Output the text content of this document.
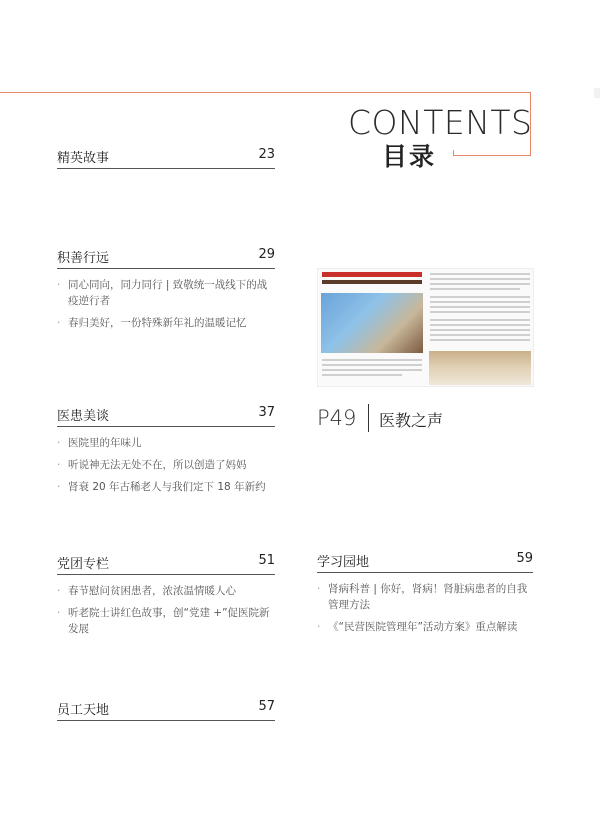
CONTENTS
目录
精英故事	23
积善行远	29
· 同心同向，同力同行 | 致敬统一战线下的战疫逆行者
· 春归美好，一份特殊新年礼的温暖记忆
医患美谈	37
· 医院里的年味儿
· 听说神无法无处不在，所以创造了妈妈
· 肾衰 20 年古稀老人与我们定下 18 年新约
党团专栏	51
· 春节慰问贫困患者，浓浓温情暖人心
· 听老院士讲红色故事，创“党建 +”促医院新发展
员工天地	57
P49 医教之声
学习园地	59
· 肾病科普 | 你好，肾病！肾脏病患者的自我管理方法
· 《“民营医院管理年”活动方案》重点解读
